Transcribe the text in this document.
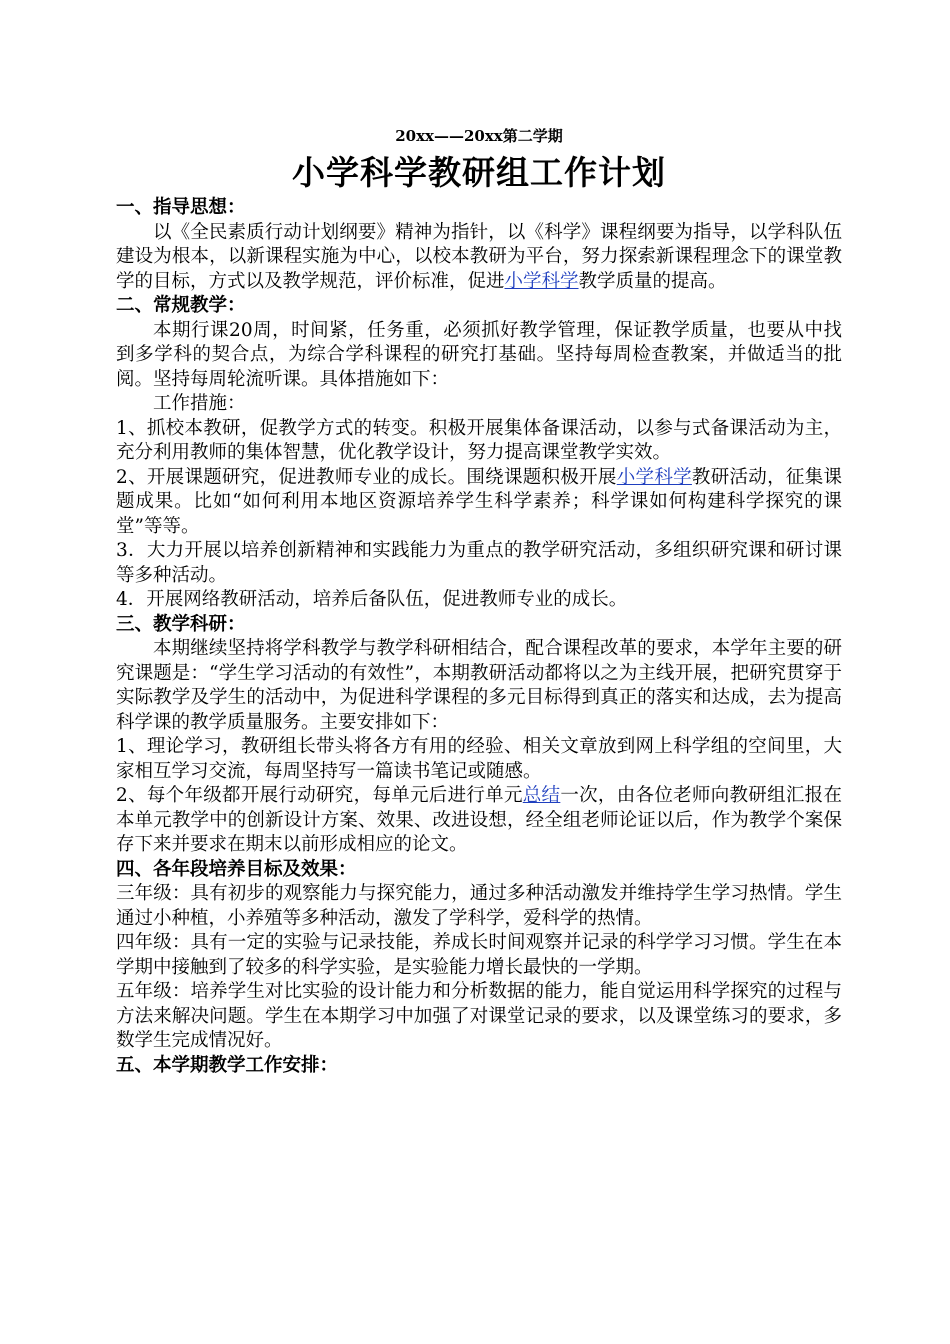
20xx——20xx第二学期
小学科学教研组工作计划
一、指导思想：

以《全民素质行动计划纲要》精神为指针，以《科学》课程纲要为指导，以学科队伍建设为根本，以新课程实施为中心，以校本教研为平台，努力探索新课程理念下的课堂教学的目标，方式以及教学规范，评价标准，促进小学科学教学质量的提高。

二、常规教学：

本期行课20周，时间紧，任务重，必须抓好教学管理，保证教学质量，也要从中找到多学科的契合点，为综合学科课程的研究打基础。坚持每周检查教案，并做适当的批阅。坚持每周轮流听课。具体措施如下：

工作措施：

1、抓校本教研，促教学方式的转变。积极开展集体备课活动，以参与式备课活动为主，充分利用教师的集体智慧，优化教学设计，努力提高课堂教学实效。

2、开展课题研究，促进教师专业的成长。围绕课题积极开展小学科学教研活动，征集课题成果。比如“如何利用本地区资源培养学生科学素养；科学课如何构建科学探究的课堂”等等。

3．大力开展以培养创新精神和实践能力为重点的教学研究活动，多组织研究课和研讨课等多种活动。

4．开展网络教研活动，培养后备队伍，促进教师专业的成长。

三、教学科研：

本期继续坚持将学科教学与教学科研相结合，配合课程改革的要求，本学年主要的研究课题是：“学生学习活动的有效性”，本期教研活动都将以之为主线开展，把研究贯穿于实际教学及学生的活动中，为促进科学课程的多元目标得到真正的落实和达成，去为提高科学课的教学质量服务。主要安排如下：

1、理论学习，教研组长带头将各方有用的经验、相关文章放到网上科学组的空间里，大家相互学习交流，每周坚持写一篇读书笔记或随感。

2、每个年级都开展行动研究，每单元后进行单元总结一次，由各位老师向教研组汇报在本单元教学中的创新设计方案、效果、改进设想，经全组老师论证以后，作为教学个案保存下来并要求在期末以前形成相应的论文。

四、各年段培养目标及效果：

三年级：具有初步的观察能力与探究能力，通过多种活动激发并维持学生学习热情。学生通过小种植，小养殖等多种活动，激发了学科学，爱科学的热情。

四年级：具有一定的实验与记录技能，养成长时间观察并记录的科学学习习惯。学生在本学期中接触到了较多的科学实验，是实验能力增长最快的一学期。

五年级：培养学生对比实验的设计能力和分析数据的能力，能自觉运用科学探究的过程与方法来解决问题。学生在本期学习中加强了对课堂记录的要求，以及课堂练习的要求，多数学生完成情况好。

五、本学期教学工作安排：
